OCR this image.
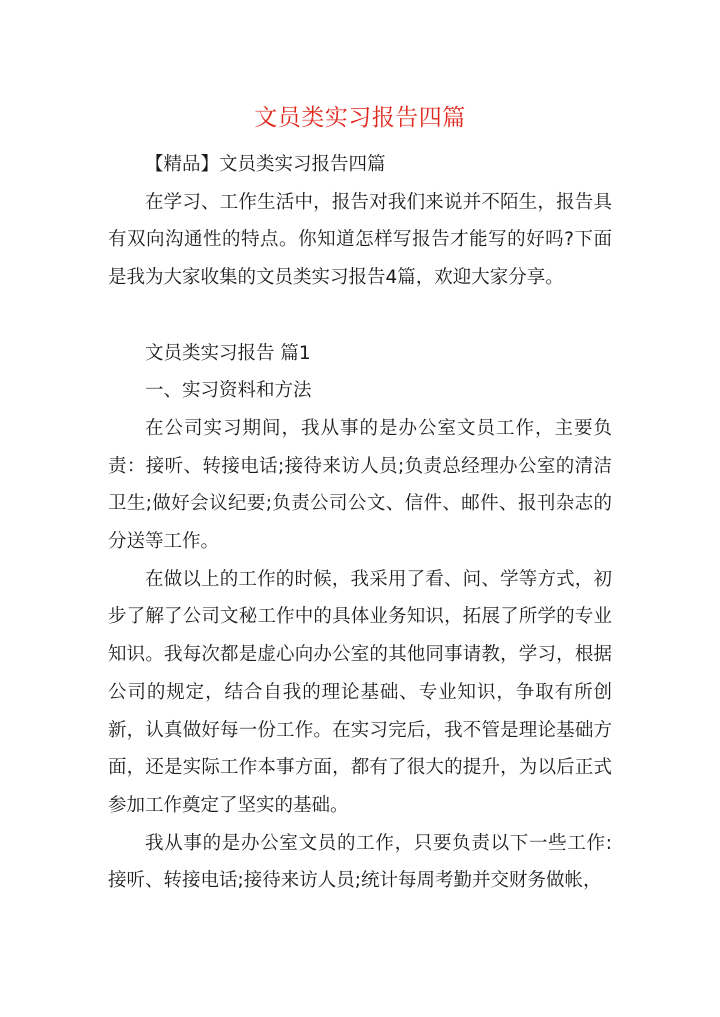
文员类实习报告四篇

【精品】文员类实习报告四篇

在学习、工作生活中，报告对我们来说并不陌生，报告具有双向沟通性的特点。你知道怎样写报告才能写的好吗?下面是我为大家收集的文员类实习报告4篇，欢迎大家分享。

文员类实习报告 篇1

一、实习资料和方法

在公司实习期间，我从事的是办公室文员工作，主要负责：接听、转接电话;接待来访人员;负责总经理办公室的清洁卫生;做好会议纪要;负责公司公文、信件、邮件、报刊杂志的分送等工作。

在做以上的工作的时候，我采用了看、问、学等方式，初步了解了公司文秘工作中的具体业务知识，拓展了所学的专业知识。我每次都是虚心向办公室的其他同事请教，学习，根据公司的规定，结合自我的理论基础、专业知识，争取有所创新，认真做好每一份工作。在实习完后，我不管是理论基础方面，还是实际工作本事方面，都有了很大的提升，为以后正式参加工作奠定了坚实的基础。

我从事的是办公室文员的工作，只要负责以下一些工作:接听、转接电话;接待来访人员;统计每周考勤并交财务做帐，
